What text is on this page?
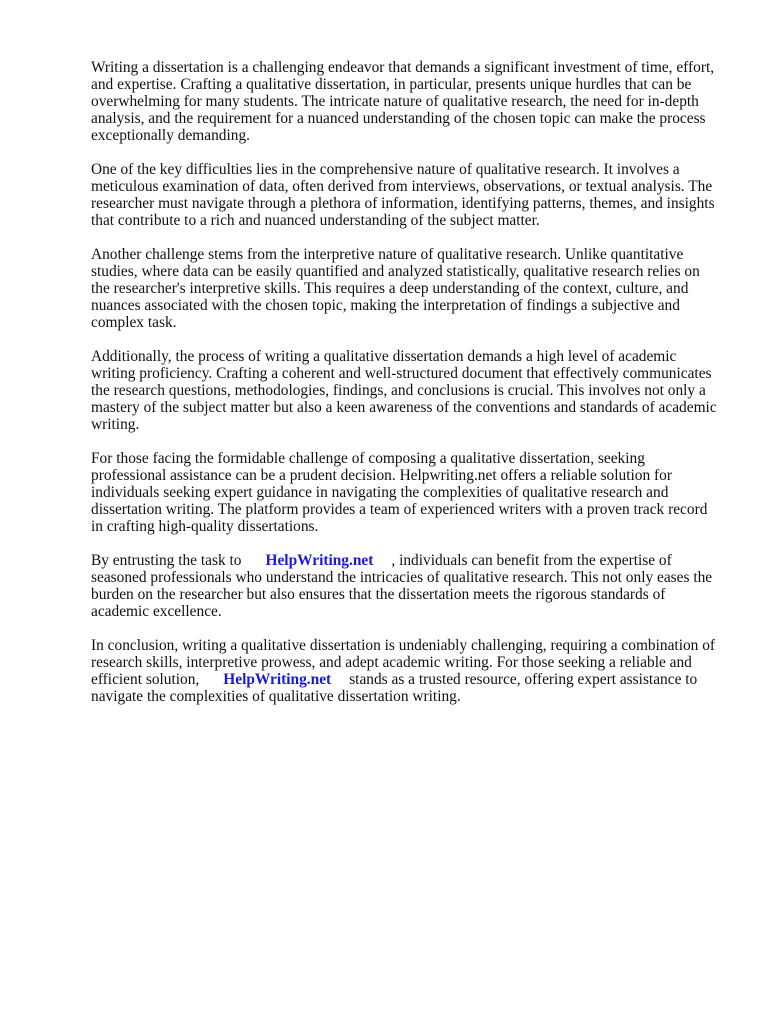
Writing a dissertation is a challenging endeavor that demands a significant investment of time, effort, and expertise. Crafting a qualitative dissertation, in particular, presents unique hurdles that can be overwhelming for many students. The intricate nature of qualitative research, the need for in-depth analysis, and the requirement for a nuanced understanding of the chosen topic can make the process exceptionally demanding.

One of the key difficulties lies in the comprehensive nature of qualitative research. It involves a meticulous examination of data, often derived from interviews, observations, or textual analysis. The researcher must navigate through a plethora of information, identifying patterns, themes, and insights that contribute to a rich and nuanced understanding of the subject matter.

Another challenge stems from the interpretive nature of qualitative research. Unlike quantitative studies, where data can be easily quantified and analyzed statistically, qualitative research relies on the researcher's interpretive skills. This requires a deep understanding of the context, culture, and nuances associated with the chosen topic, making the interpretation of findings a subjective and complex task.

Additionally, the process of writing a qualitative dissertation demands a high level of academic writing proficiency. Crafting a coherent and well-structured document that effectively communicates the research questions, methodologies, findings, and conclusions is crucial. This involves not only a mastery of the subject matter but also a keen awareness of the conventions and standards of academic writing.

For those facing the formidable challenge of composing a qualitative dissertation, seeking professional assistance can be a prudent decision. Helpwriting.net offers a reliable solution for individuals seeking expert guidance in navigating the complexities of qualitative research and dissertation writing. The platform provides a team of experienced writers with a proven track record in crafting high-quality dissertations.

By entrusting the task to HelpWriting.net , individuals can benefit from the expertise of seasoned professionals who understand the intricacies of qualitative research. This not only eases the burden on the researcher but also ensures that the dissertation meets the rigorous standards of academic excellence.

In conclusion, writing a qualitative dissertation is undeniably challenging, requiring a combination of research skills, interpretive prowess, and adept academic writing. For those seeking a reliable and efficient solution, HelpWriting.net stands as a trusted resource, offering expert assistance to navigate the complexities of qualitative dissertation writing.
